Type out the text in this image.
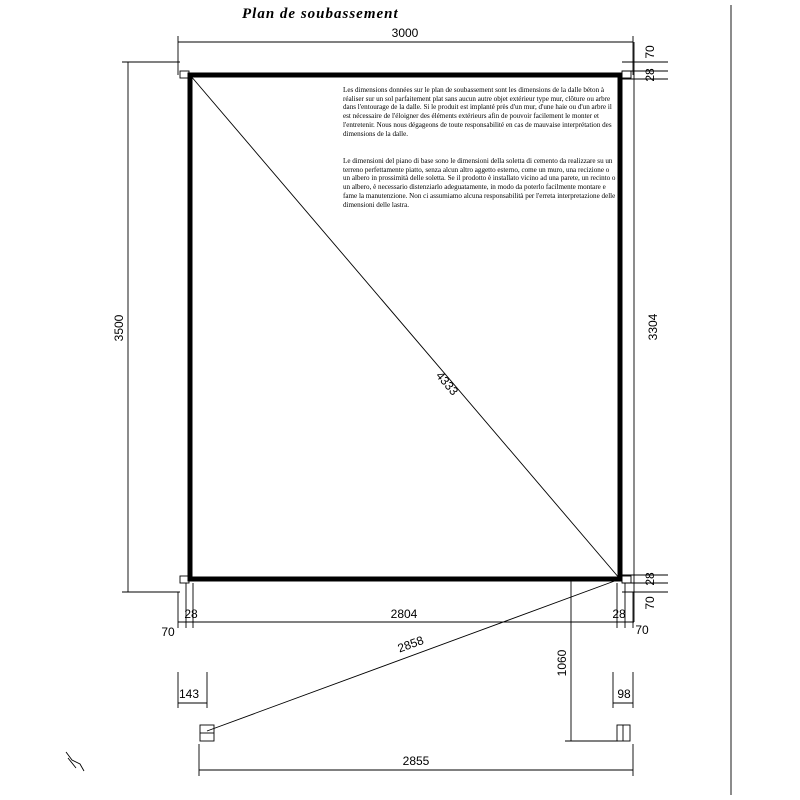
Plan de soubassement
4333
3000
3500
70
28
3304
28
70
28	2804	28
70	70
2858
1060
143	98
2855
Les dimensions données sur le plan de soubassement sont les dimensions de la dalle béton à réaliser sur un sol parfaitement plat sans aucun autre objet extérieur type mur, clôture ou arbre dans l'entourage de la dalle. Si le produit est implanté près d'un mur, d'une haie ou d'un arbre il est nécessaire de l'éloigner des éléments extérieurs afin de pouvoir facilement le monter et l'entretenir. Nous nous dégageons de toute responsabilité en cas de mauvaise interprétation des dimensions de la dalle.
Le dimensioni del piano di base sono le dimensioni della soletta di cemento da realizzare su un terreno perfettamente piatto, senza alcun altro aggetto esterno, come un muro, una recizione o un albero in prossimità delle soletta. Se il prodotto è installato vicino ad una parete, un recinto o un albero, è necessario distenziarlo adeguatamente, in modo da poterlo facilmente montare e fame la manutenzione. Non ci assumiamo alcuna responsabilità per l'erreta interpretazione delle dimensioni delle lastra.
